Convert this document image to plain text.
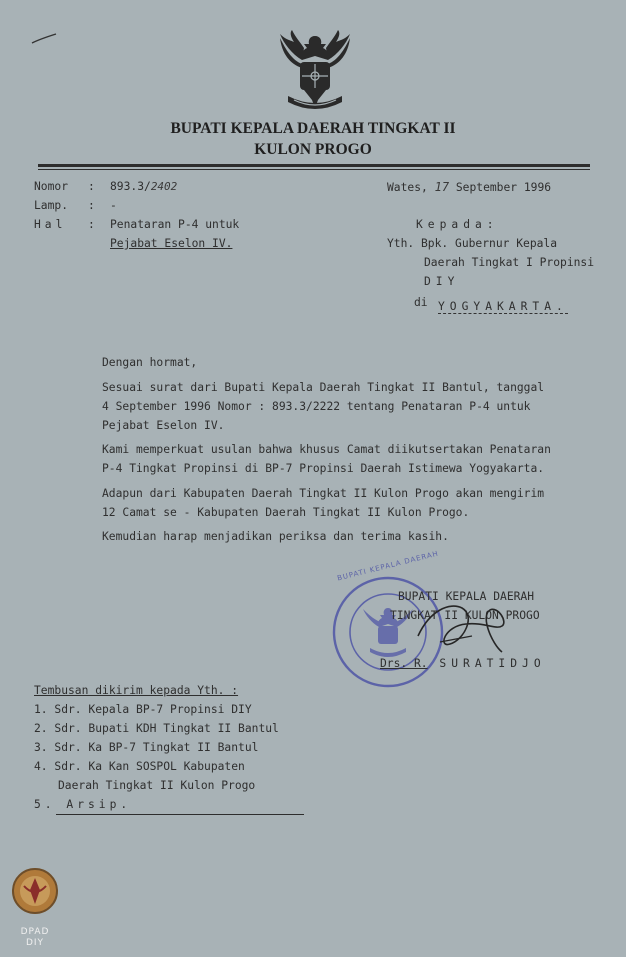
BUPATI KEPALA DAERAH TINGKAT II
KULON PROGO
Nomor : 893.3/2402
Lamp. : -
Hal : Penataran P-4 untuk
Pejabat Eselon IV.
Wates, 17 September 1996
Kepada:
Yth. Bpk. Gubernur Kepala
Daerah Tingkat I Propinsi
DIY
di YOGYAKARTA.
Dengan hormat,
Sesuai surat dari Bupati Kepala Daerah Tingkat II Bantul, tanggal
4 September 1996 Nomor : 893.3/2222 tentang Penataran P-4 untuk
Pejabat Eselon IV.
Kami memperkuat usulan bahwa khusus Camat diikutsertakan Penataran
P-4 Tingkat Propinsi di BP-7 Propinsi Daerah Istimewa Yogyakarta.
Adapun dari Kabupaten Daerah Tingkat II Kulon Progo akan mengirim
12 Camat se - Kabupaten Daerah Tingkat II Kulon Progo.
Kemudian harap menjadikan periksa dan terima kasih.
BUPATI KEPALA DAERAH
BUPATI KEPALA DAERAH
TINGKAT II KULON PROGO
Drs. R. SURATIDJO
Tembusan dikirim kepada Yth. :
1. Sdr. Kepala BP-7 Propinsi DIY
2. Sdr. Bupati KDH Tingkat II Bantul
3. Sdr. Ka BP-7 Tingkat II Bantul
4. Sdr. Ka Kan SOSPOL Kabupaten
Daerah Tingkat II Kulon Progo
5. Arsip.
DPAD
DIY
